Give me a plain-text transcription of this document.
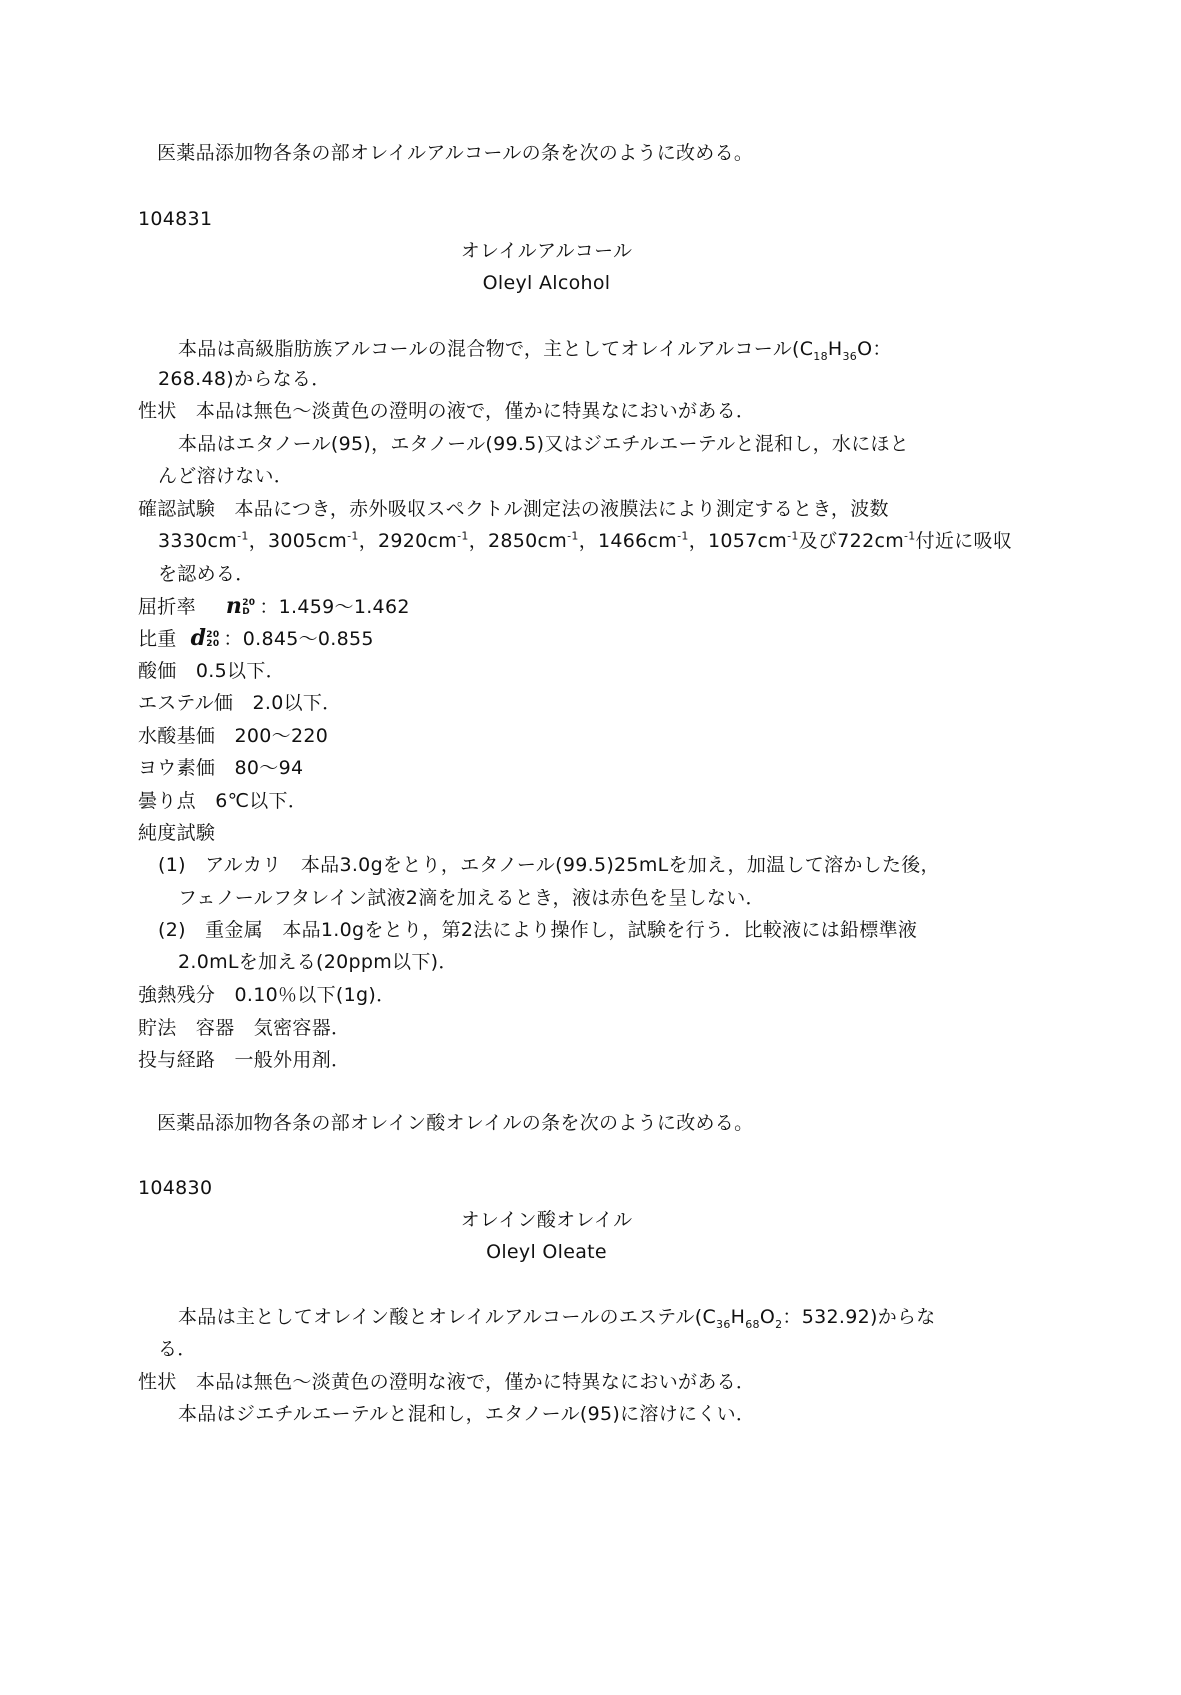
医薬品添加物各条の部オレイルアルコールの条を次のように改める。
104831
オレイルアルコール
Oleyl Alcohol
本品は高級脂肪族アルコールの混合物で，主としてオレイルアルコール($C_{18}H_{36}O$：
268.48)からなる．
性状　本品は無色～淡黄色の澄明の液で，僅かに特異なにおいがある．
本品はエタノール(95)，エタノール(99.5)又はジエチルエーテルと混和し，水にほと
んど溶けない．
確認試験　本品につき，赤外吸収スペクトル測定法の液膜法により測定するとき，波数
$3330cm^{-1}$，$3005cm^{-1}$，$2920cm^{-1}$，$2850cm^{-1}$，$1466cm^{-1}$，$1057cm^{-1}$及び$722cm^{-1}$付近に吸収
を認める．
屈折率 n 20
D ：1.459～1.462
比重 d 20
20 ：0.845～0.855
酸価　0.5以下．
エステル価　2.0以下．
水酸基価　200～220
ヨウ素価　80～94
曇り点　6℃以下．
純度試験
(1)　アルカリ　本品3.0gをとり，エタノール(99.5)25mLを加え，加温して溶かした後，
フェノールフタレイン試液2滴を加えるとき，液は赤色を呈しない．
(2)　重金属　本品1.0gをとり，第2法により操作し，試験を行う．比較液には鉛標準液
2.0mLを加える(20ppm以下)．
強熱残分　0.10％以下(1g)．
貯法　容器　気密容器．
投与経路　一般外用剤．
医薬品添加物各条の部オレイン酸オレイルの条を次のように改める。
104830
オレイン酸オレイル
Oleyl Oleate
本品は主としてオレイン酸とオレイルアルコールのエステル($C_{36}H_{68}O_2$：532.92)からな
る．
性状　本品は無色～淡黄色の澄明な液で，僅かに特異なにおいがある．
本品はジエチルエーテルと混和し，エタノール(95)に溶けにくい．
